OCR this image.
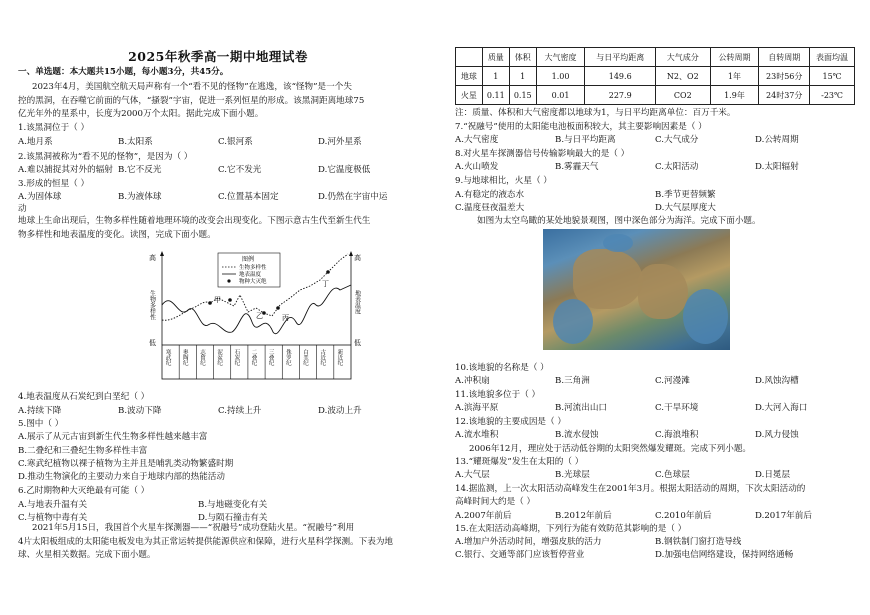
2025年秋季高一期中地理试卷
高
低
高
低
生物多样性	地表温度
图例
生物多样性
地表温度
物种大灭绝
甲
乙	丙
丁
寒武纪 奥陶纪 志留纪 泥盆纪 石炭纪 二叠纪 三叠纪 侏罗纪 白垩纪 古近纪 新近纪
一、单选题：本大题共15小题，每小题3分，共45分。
2023年4月，美国航空航天局声称有一个“看不见的怪物”在逃逸，该“怪物”是一个失
控的黑洞，在吞噬它前面的气体，“搔裂”宇宙，促进一系列恒星的形成。该黑洞距离地球75
亿光年外的星系中，长度为2000万个太阳。据此完成下面小题。
1.该黑洞位于（ ）
2.该黑洞被称为“看不见的怪物”，是因为（ ）
3.形成的恒星（ ）
地球上生命出现后，生物多样性随着地理环境的改变会出现变化。下图示意古生代至新生代生
物多样性和地表温度的变化。读图，完成下面小题。
4.地表温度从石炭纪到白垩纪（ ）
5.图中（ ）
A.展示了从元古宙到新生代生物多样性越来越丰富
B.二叠纪和三叠纪生物多样性丰富
C.寒武纪植物以裸子植物为主并且是哺乳类动物繁盛时期
D.推动生物演化的主要动力来自于地球内部的热能活动
6.乙时期物种大灭绝最有可能（ ）
2021年5月15日，我国首个火星车探测器——“祝融号”成功登陆火星。“祝融号”利用
4片太阳板组成的太阳能电板发电为其正常运转提供能源供应和保障，进行火星科学探测。下表为地
球、火星相关数据。完成下面小题。
A.地月系	B.太阳系	C.银河系	D.河外星系
A.难以捕捉其对外的辐射 B.它不反光	C.它不发光	D.它温度极低
A.为固体球	B.为液体球	C.位置基本固定	D.仍然在宇宙中运
动
A.持续下降	B.波动下降	C.持续上升	D.波动上升
A.与地表升温有关	B.与地磁变化有关
C.与植物中毒有关	D.与陨石撞击有关
	质量	体积	大气密度	与日平均距离	大气成分	公转周期	自转周期	表面均温
地球	1	1	1.00	149.6	N2、O2	1年	23时56分	15℃
火星	0.11	0.15	0.01	227.9	CO2	1.9年	24时37分	-23℃
注：质量、体积和大气密度都以地球为1，与日平均距离单位：百万千米。
7.“祝融号”使用的太阳能电池板面积较大，其主要影响因素是（ ）
8.对火星车探测器信号传输影响最大的是（ ）
9.与地球相比，火星（ ）
如图为太空鸟瞰的某处地貌景观图，图中深色部分为海洋。完成下面小题。
10.该地貌的名称是（ ）
11.该地貌多位于（ ）
12.该地貌的主要成因是（ ）
2006年12月，理应处于活动低谷期的太阳突然爆发耀斑。完成下列小题。
13.“耀斑爆发”发生在太阳的（ ）
14.据监测，上一次太阳活动高峰发生在2001年3月。根据太阳活动的周期，下次太阳活动的
高峰时间大约是（ ）
15.在太阳活动高峰期，下列行为能有效防范其影响的是（ ）
A.大气密度	B.与日平均距离	C.大气成分	D.公转周期
A.火山喷发	B.雾霾天气	C.太阳活动	D.太阳辐射
A.有稳定的液态水	B.季节更替频繁
C.温度昼夜温差大	D.大气层厚度大
A.冲积扇	B.三角洲	C.河漫滩	D.风蚀沟槽
A.滨海平原	B.河流出山口	C.干旱环境	D.大河入海口
A.流水堆积	B.流水侵蚀	C.海浪堆积	D.风力侵蚀
A.大气层	B.光球层	C.色球层	D.日冕层
A.2007年前后	B.2012年前后	C.2010年前后	D.2017年前后
A.增加户外活动时间，增强皮肤的活力	B.钢铁制门窗打造导线
C.银行、交通等部门应该暂停营业	D.加强电信网络建设，保持网络通畅
